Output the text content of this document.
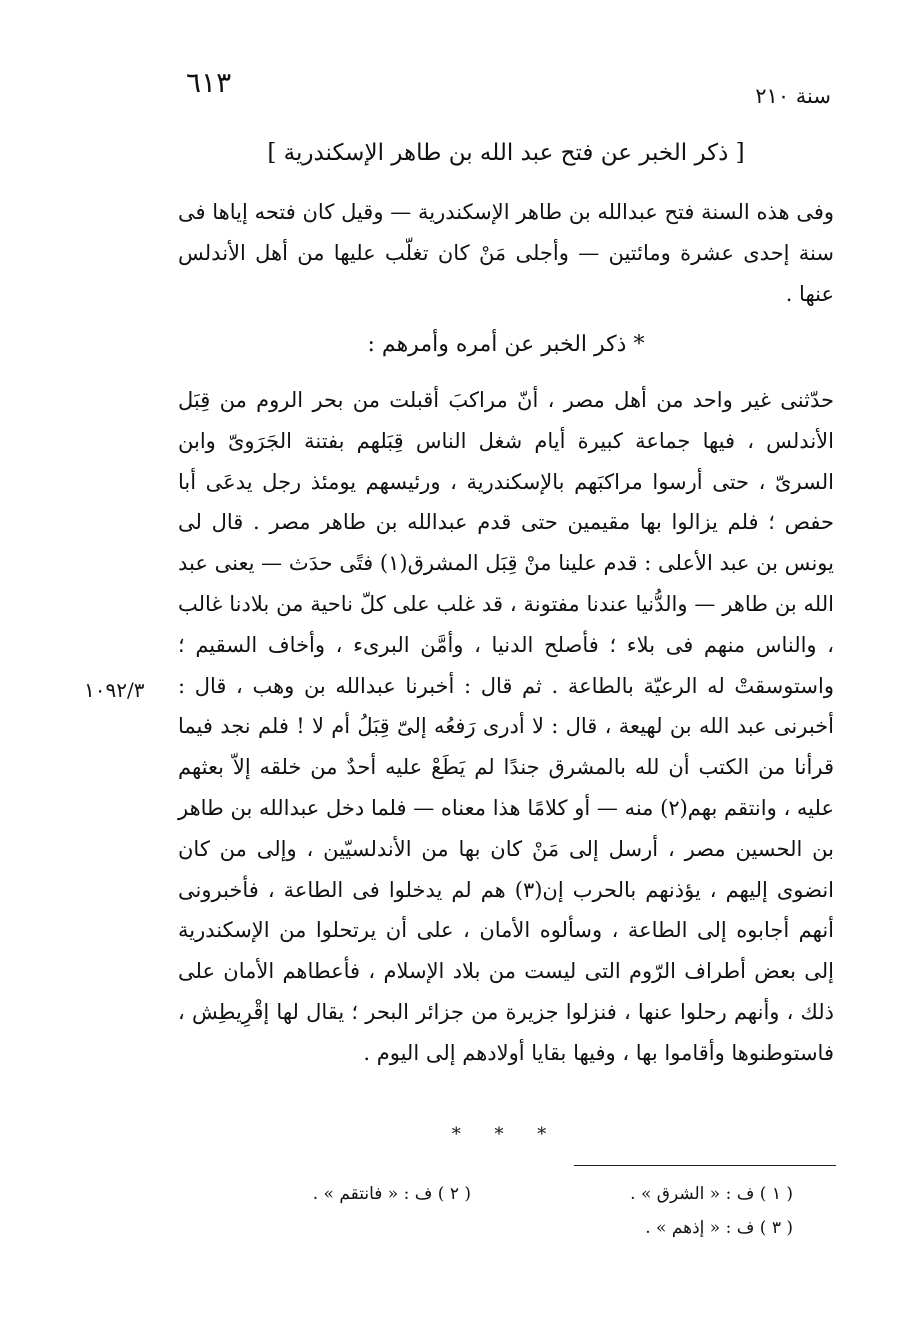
٦١٣	سنة ٢١٠
[ ذكر الخبر عن فتح عبد الله بن طاهر الإسكندرية ]
وفى هذه السنة فتح عبدالله بن طاهر الإسكندرية — وقيل كان فتحه إياها فى سنة إحدى عشرة ومائتين — وأجلى مَنْ كان تغلّب عليها من أهل الأندلس عنها .
* ذكر الخبر عن أمره وأمرهم :
حدّثنى غير واحد من أهل مصر ، أنّ مراكبَ أقبلت من بحر الروم من قِبَل الأندلس ، فيها جماعة كبيرة أيام شغل الناس قِبَلهم بفتنة الجَرَوىّ وابن السرىّ ، حتى أرسوا مراكبَهم بالإسكندرية ، ورئيسهم يومئذ رجل يدعَى أبا حفص ؛ فلم يزالوا بها مقيمين حتى قدم عبدالله بن طاهر مصر . قال لى يونس بن عبد الأعلى : قدم علينا منْ قِبَل المشرق(١) فتًى حدَث — يعنى عبد الله بن طاهر — والدُّنيا عندنا مفتونة ، قد غلب على كلّ ناحية من بلادنا غالب ، والناس منهم فى بلاء ؛ فأصلح الدنيا ، وأمَّن البرىء ، وأخاف السقيم ؛ واستوسقتْ له الرعيّة بالطاعة . ثم قال : أخبرنا عبدالله بن وهب ، قال : أخبرنى عبد الله بن لهيعة ، قال : لا أدرى رَفعُه إلىّ قِبَلُ أم لا ! فلم نجد فيما قرأنا من الكتب أن لله بالمشرق جندًا لم يَطَعْ عليه أحدٌ من خلقه إلاّ بعثهم عليه ، وانتقم بهم(٢) منه — أو كلامًا هذا معناه — فلما دخل عبدالله بن طاهر بن الحسين مصر ، أرسل إلى مَنْ كان بها من الأندلسيّين ، وإلى من كان انضوى إليهم ، يؤذنهم بالحرب إن(٣) هم لم يدخلوا فى الطاعة ، فأخبرونى أنهم أجابوه إلى الطاعة ، وسألوه الأمان ، على أن يرتحلوا من الإسكندرية إلى بعض أطراف الرّوم التى ليست من بلاد الإسلام ، فأعطاهم الأمان على ذلك ، وأنهم رحلوا عنها ، فنزلوا جزيرة من جزائر البحر ؛ يقال لها إقْرِيطِش ، فاستوطنوها وأقاموا بها ، وفيها بقايا أولادهم إلى اليوم .
١٠٩٢/٣
* * *
( ١ ) ف : « الشرق » .
( ٢ ) ف : « فانتقم » .
( ٣ ) ف : « إذهم » .
